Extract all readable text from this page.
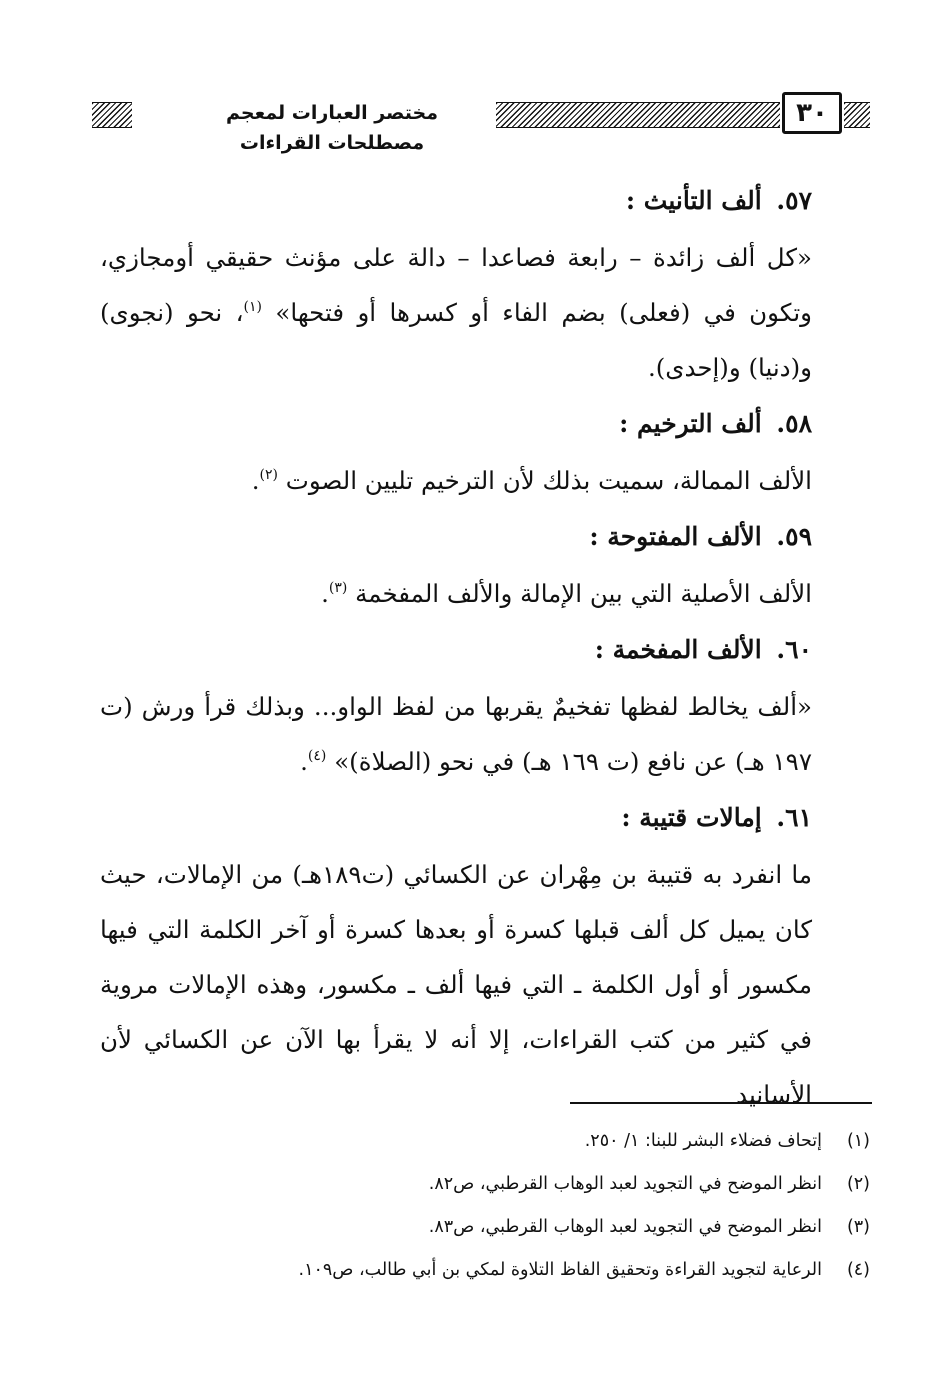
مختصر العبارات لمعجم مصطلحات القراءات
٣٠

٥٧. ألف التأنيث :

«كل ألف زائدة – رابعة فصاعدا – دالة على مؤنث حقيقي أومجازي، وتكون في (فعلى) بضم الفاء أو كسرها أو فتحها» $^{(١)}$، نحو (نجوى) و(دنيا) و(إحدى).

٥٨. ألف الترخيم :

الألف الممالة، سميت بذلك لأن الترخيم تليين الصوت $^{(٢)}$.

٥٩. الألف المفتوحة :

الألف الأصلية التي بين الإمالة والألف المفخمة $^{(٣)}$.

٦٠. الألف المفخمة :

«ألف يخالط لفظها تفخيمٌ يقربها من لفظ الواو... وبذلك قرأ ورش (ت ١٩٧ هـ) عن نافع (ت ١٦٩ هـ) في نحو (الصلاة)» $^{(٤)}$.

٦١. إمالات قتيبة :

ما انفرد به قتيبة بن مِهْران عن الكسائي (ت١٨٩هـ) من الإمالات، حيث كان يميل كل ألف قبلها كسرة أو بعدها كسرة أو آخر الكلمة التي فيها مكسور أو أول الكلمة ـ التي فيها ألف ـ مكسور، وهذه الإمالات مروية في كثير من كتب القراءات، إلا أنه لا يقرأ بها الآن عن الكسائي لأن الأسانيد

(١)
إتحاف فضلاء البشر للبنا: ١/ ٢٥٠.

(٢)
انظر الموضح في التجويد لعبد الوهاب القرطبي، ص٨٢.

(٣)
انظر الموضح في التجويد لعبد الوهاب القرطبي، ص٨٣.

(٤)
الرعاية لتجويد القراءة وتحقيق الفاظ التلاوة لمكي بن أبي طالب، ص١٠٩.
